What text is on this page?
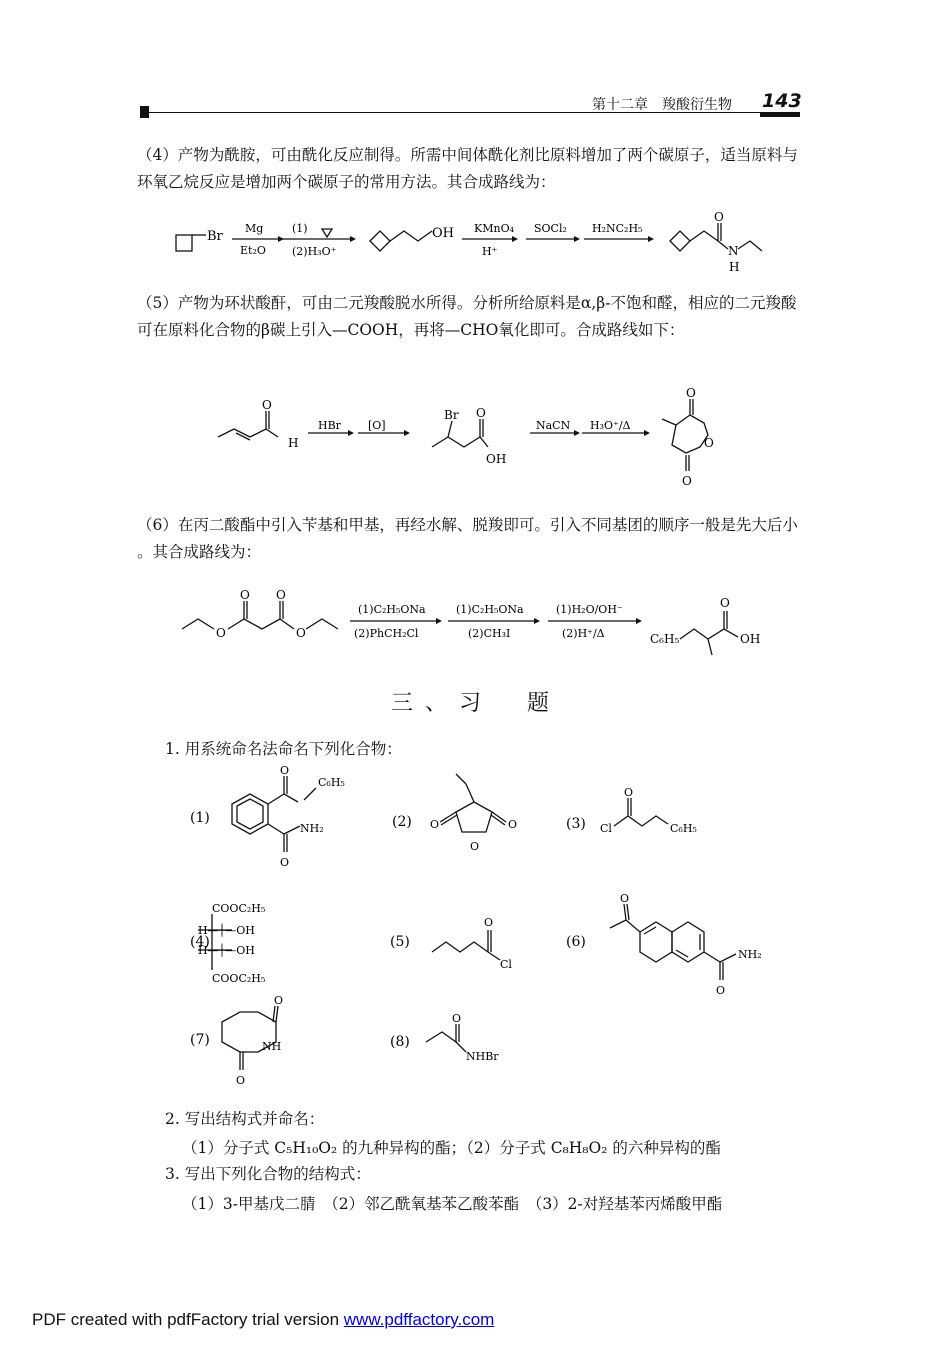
第十二章　羧酸衍生物 143
（4）产物为酰胺，可由酰化反应制得。所需中间体酰化剂比原料增加了两个碳原子，适当原料与环氧乙烷反应是增加两个碳原子的常用方法。其合成路线为：
Br
Mg
Et₂O
(1)
(2)H₃O⁺
OH KMnO₄
H⁺
SOCl₂ H₂NC₂H₅
O
N
H
（5）产物为环状酸酐，可由二元羧酸脱水所得。分析所给原料是α,β-不饱和醛，相应的二元羧酸可在原料化合物的β碳上引入—COOH，再将—CHO氧化即可。合成路线如下：
O
H
HBr [O]
Br O
OH
NaCN H₃O⁺/Δ
O
O
O
（6）在丙二酸酯中引入苄基和甲基，再经水解、脱羧即可。引入不同基团的顺序一般是先大后小 。其合成路线为：
O O
O	O
(1)C₂H₅ONa
(2)PhCH₂Cl
(1)C₂H₅ONa
(2)CH₃I
(1)H₂O/OH⁻
(2)H⁺/Δ	C₆H₅
O
OH
三、习　题
1. 用系统命名法命名下列化合物：
(1)
O
C₆H₅
NH₂
O
(2) O	O
O
(3) Cl
O
C₆H₅
(4)
COOC₂H₅
H—┼—OH
H—┼—OH
COOC₂H₅
(5)
O
Cl
(6)
O
NH₂
O
(7)
O
NH
O
(8)
O
NHBr
2. 写出结构式并命名：
（1）分子式 C₅H₁₀O₂ 的九种异构的酯；（2）分子式 C₈H₈O₂ 的六种异构的酯
3. 写出下列化合物的结构式：
（1）3-甲基戊二腈　（2）邻乙酰氧基苯乙酸苯酯　（3）2-对羟基苯丙烯酸甲酯
PDF created with pdfFactory trial version www.pdffactory.com
